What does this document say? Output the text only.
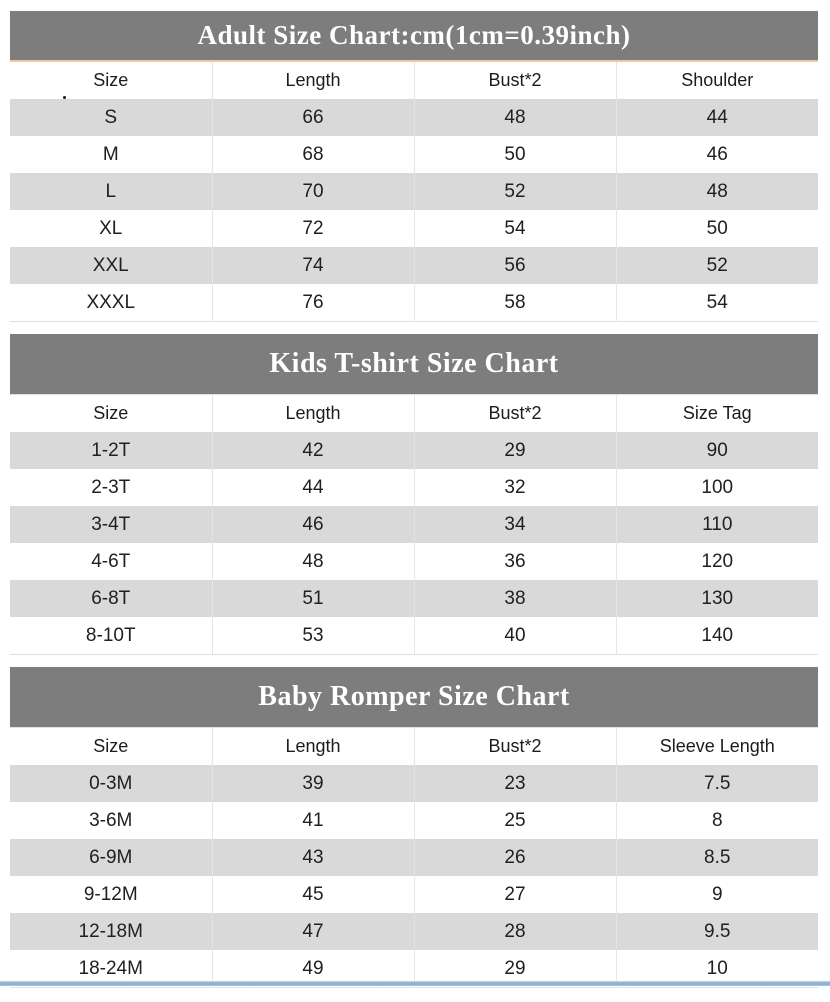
Adult Size Chart:cm(1cm=0.39inch)
Size	Length	Bust*2	Shoulder
S	66	48	44
M	68	50	46
L	70	52	48
XL	72	54	50
XXL	74	56	52
XXXL	76	58	54
Kids T-shirt Size Chart
Size	Length	Bust*2	Size Tag
1-2T	42	29	90
2-3T	44	32	100
3-4T	46	34	110
4-6T	48	36	120
6-8T	51	38	130
8-10T	53	40	140
Baby Romper Size Chart
Size	Length	Bust*2	Sleeve Length
0-3M	39	23	7.5
3-6M	41	25	8
6-9M	43	26	8.5
9-12M	45	27	9
12-18M	47	28	9.5
18-24M	49	29	10
